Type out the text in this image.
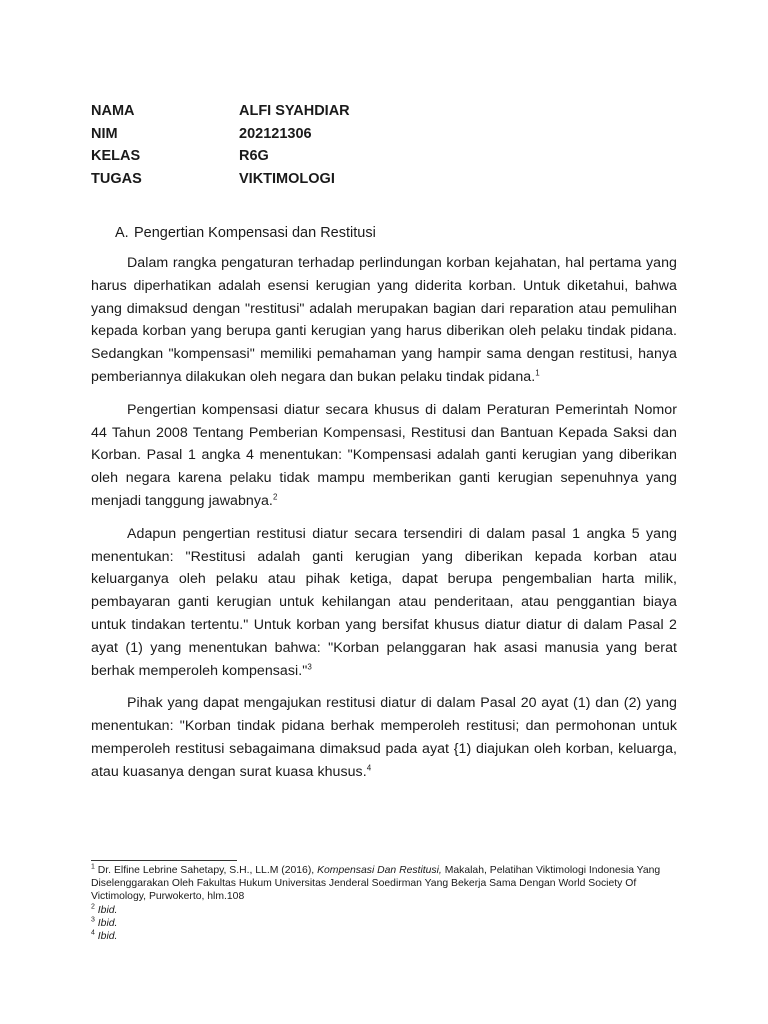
NAMA	ALFI SYAHDIAR
NIM	202121306
KELAS	R6G
TUGAS	VIKTIMOLOGI
A. Pengertian Kompensasi dan Restitusi

Dalam rangka pengaturan terhadap perlindungan korban kejahatan, hal pertama yang harus diperhatikan adalah esensi kerugian yang diderita korban. Untuk diketahui, bahwa yang dimaksud dengan "restitusi" adalah merupakan bagian dari reparation atau pemulihan kepada korban yang berupa ganti kerugian yang harus diberikan oleh pelaku tindak pidana. Sedangkan "kompensasi" memiliki pemahaman yang hampir sama dengan restitusi, hanya pemberiannya dilakukan oleh negara dan bukan pelaku tindak pidana.$^1$

Pengertian kompensasi diatur secara khusus di dalam Peraturan Pemerintah Nomor 44 Tahun 2008 Tentang Pemberian Kompensasi, Restitusi dan Bantuan Kepada Saksi dan Korban. Pasal 1 angka 4 menentukan: "Kompensasi adalah ganti kerugian yang diberikan oleh negara karena pelaku tidak mampu memberikan ganti kerugian sepenuhnya yang menjadi tanggung jawabnya.$^2$

Adapun pengertian restitusi diatur secara tersendiri di dalam pasal 1 angka 5 yang menentukan: "Restitusi adalah ganti kerugian yang diberikan kepada korban atau keluarganya oleh pelaku atau pihak ketiga, dapat berupa pengembalian harta milik, pembayaran ganti kerugian untuk kehilangan atau penderitaan, atau penggantian biaya untuk tindakan tertentu." Untuk korban yang bersifat khusus diatur diatur di dalam Pasal 2 ayat (1) yang menentukan bahwa: "Korban pelanggaran hak asasi manusia yang berat berhak memperoleh kompensasi."$^3$

Pihak yang dapat mengajukan restitusi diatur di dalam Pasal 20 ayat (1) dan (2) yang menentukan: "Korban tindak pidana berhak memperoleh restitusi; dan permohonan untuk memperoleh restitusi sebagaimana dimaksud pada ayat {1) diajukan oleh korban, keluarga, atau kuasanya dengan surat kuasa khusus.$^4$

$^1$ Dr. Elfine Lebrine Sahetapy, S.H., LL.M (2016), Kompensasi Dan Restitusi, Makalah, Pelatihan Viktimologi Indonesia Yang Diselenggarakan Oleh Fakultas Hukum Universitas Jenderal Soedirman Yang Bekerja Sama Dengan World Society Of Victimology, Purwokerto, hlm.108

$^2$ Ibid.

$^3$ Ibid.

$^4$ Ibid.
